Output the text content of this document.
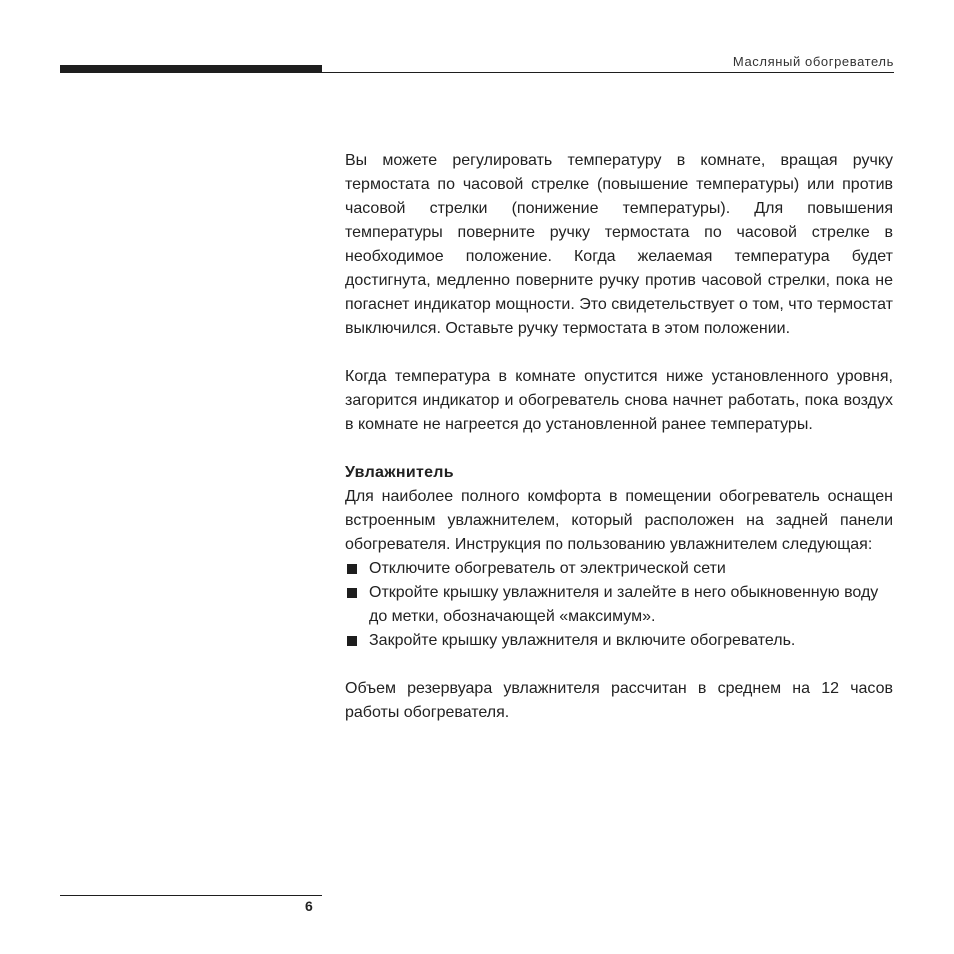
Масляный обогреватель

Вы можете регулировать температуру в комнате, вращая ручку термостата по часовой стрелке (повышение температуры) или против часовой стрелки (понижение температуры). Для повышения температуры поверните ручку термостата по часовой стрелке в необходимое положение. Когда желаемая температура будет достигнута, медленно поверните ручку против часовой стрелки, пока не погаснет индикатор мощности. Это свидетельствует о том, что термостат выключился. Оставьте ручку термостата в этом положении.

Когда температура в комнате опустится ниже установленного уровня, загорится индикатор и обогреватель снова начнет работать, пока воздух в комнате не нагреется до установленной ранее температуры.

Увлажнитель

Для наиболее полного комфорта в помещении обогреватель оснащен встроенным увлажнителем, который расположен на задней панели обогревателя. Инструкция по пользованию увлажнителем следующая:

Отключите обогреватель от электрической сети
Откройте крышку увлажнителя и залейте в него обыкновенную воду до метки, обозначающей «максимум».
Закройте крышку увлажнителя и включите обогреватель.

Объем резервуара увлажнителя рассчитан в среднем на 12 часов работы обогревателя.

6
